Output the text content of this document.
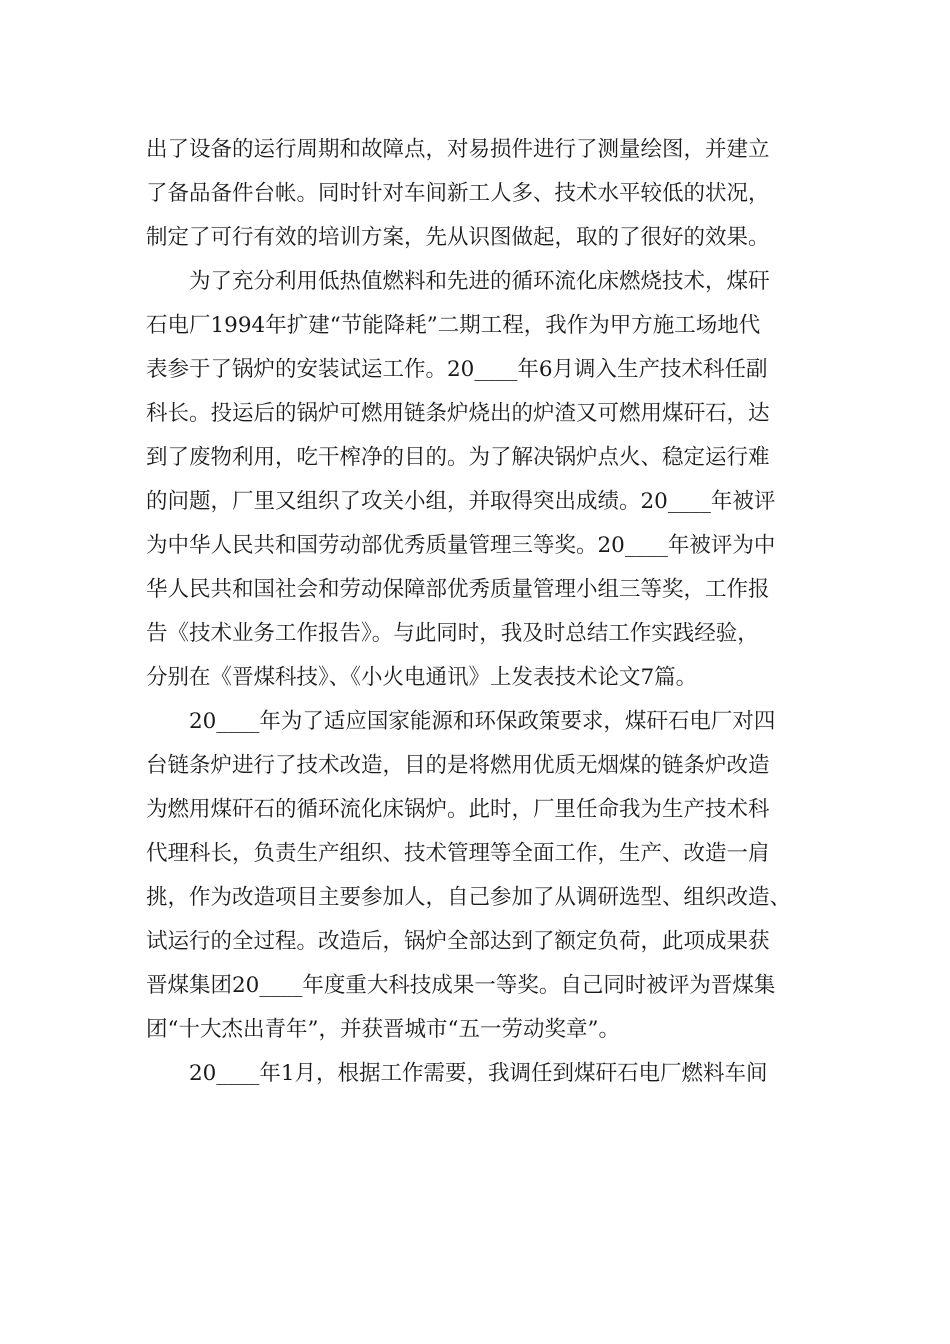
出了设备的运行周期和故障点，对易损件进行了测量绘图，并建立
了备品备件台帐。同时针对车间新工人多、技术水平较低的状况，
制定了可行有效的培训方案，先从识图做起，取的了很好的效果。
为了充分利用低热值燃料和先进的循环流化床燃烧技术，煤矸
石电厂1994年扩建“节能降耗”二期工程，我作为甲方施工场地代
表参于了锅炉的安装试运工作。20____年6月调入生产技术科任副
科长。投运后的锅炉可燃用链条炉烧出的炉渣又可燃用煤矸石，达
到了废物利用，吃干榨净的目的。为了解决锅炉点火、稳定运行难
的问题，厂里又组织了攻关小组，并取得突出成绩。20____年被评
为中华人民共和国劳动部优秀质量管理三等奖。20____年被评为中
华人民共和国社会和劳动保障部优秀质量管理小组三等奖，工作报
告《技术业务工作报告》。与此同时，我及时总结工作实践经验，
分别在《晋煤科技》、《小火电通讯》上发表技术论文7篇。
20____年为了适应国家能源和环保政策要求，煤矸石电厂对四
台链条炉进行了技术改造，目的是将燃用优质无烟煤的链条炉改造
为燃用煤矸石的循环流化床锅炉。此时，厂里任命我为生产技术科
代理科长，负责生产组织、技术管理等全面工作，生产、改造一肩
挑，作为改造项目主要参加人，自己参加了从调研选型、组织改造、
试运行的全过程。改造后，锅炉全部达到了额定负荷，此项成果获
晋煤集团20____年度重大科技成果一等奖。自己同时被评为晋煤集
团“十大杰出青年”，并获晋城市“五一劳动奖章”。
20____年1月，根据工作需要，我调任到煤矸石电厂燃料车间
